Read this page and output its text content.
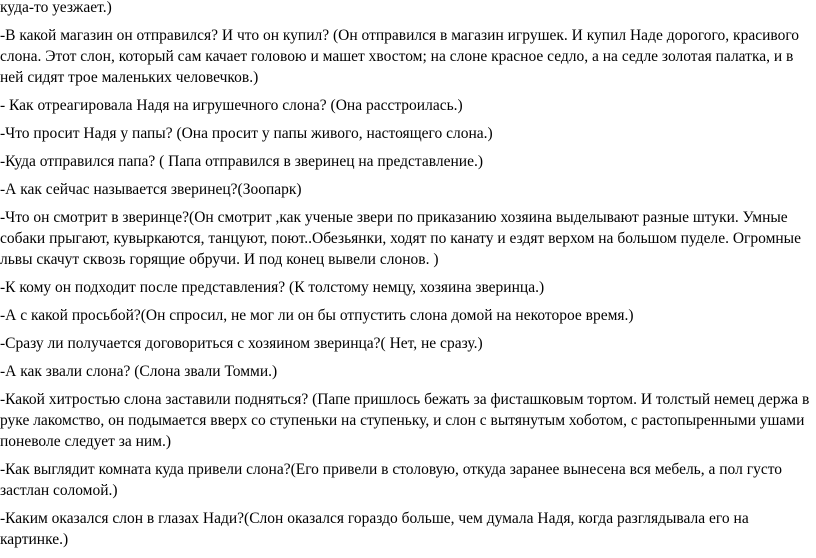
куда-то уезжает.)

-В какой магазин он отправился? И что он купил? (Он отправился в магазин игрушек. И купил Наде дорогого, красивого слона. Этот слон, который сам качает головою и машет хвостом; на слоне красное седло, а на седле золотая палатка, и в ней сидят трое маленьких человечков.)

- Как отреагировала Надя на игрушечного слона? (Она расстроилась.)

-Что просит Надя у папы? (Она просит у папы живого, настоящего слона.)

-Куда отправился папа? ( Папа отправился в зверинец на представление.)

-А как сейчас называется зверинец?(Зоопарк)

-Что он смотрит в зверинце?(Он смотрит ,как ученые звери по приказанию хозяина выделывают разные штуки. Умные собаки прыгают, кувыркаются, танцуют, поют..Обезьянки, ходят по канату и ездят верхом на большом пуделе. Огромные львы скачут сквозь горящие обручи. И под конец вывели слонов. )

-К кому он подходит после представления? (К толстому немцу, хозяина зверинца.)

-А с какой просьбой?(Он спросил, не мог ли он бы отпустить слона домой на некоторое время.)

-Сразу ли получается договориться с хозяином зверинца?( Нет, не сразу.)

-А как звали слона? (Слона звали Томми.)

-Какой хитростью слона заставили подняться? (Папе пришлось бежать за фисташковым тортом. И толстый немец держа в руке лакомство, он подымается вверх со ступеньки на ступеньку, и слон с вытянутым хоботом, с растопыренными ушами поневоле следует за ним.)

-Как выглядит комната куда привели слона?(Его привели в столовую, откуда заранее вынесена вся мебель, а пол густо застлан соломой.)

-Каким оказался слон в глазах Нади?(Слон оказался гораздо больше, чем думала Надя, когда разглядывала его на картинке.)
